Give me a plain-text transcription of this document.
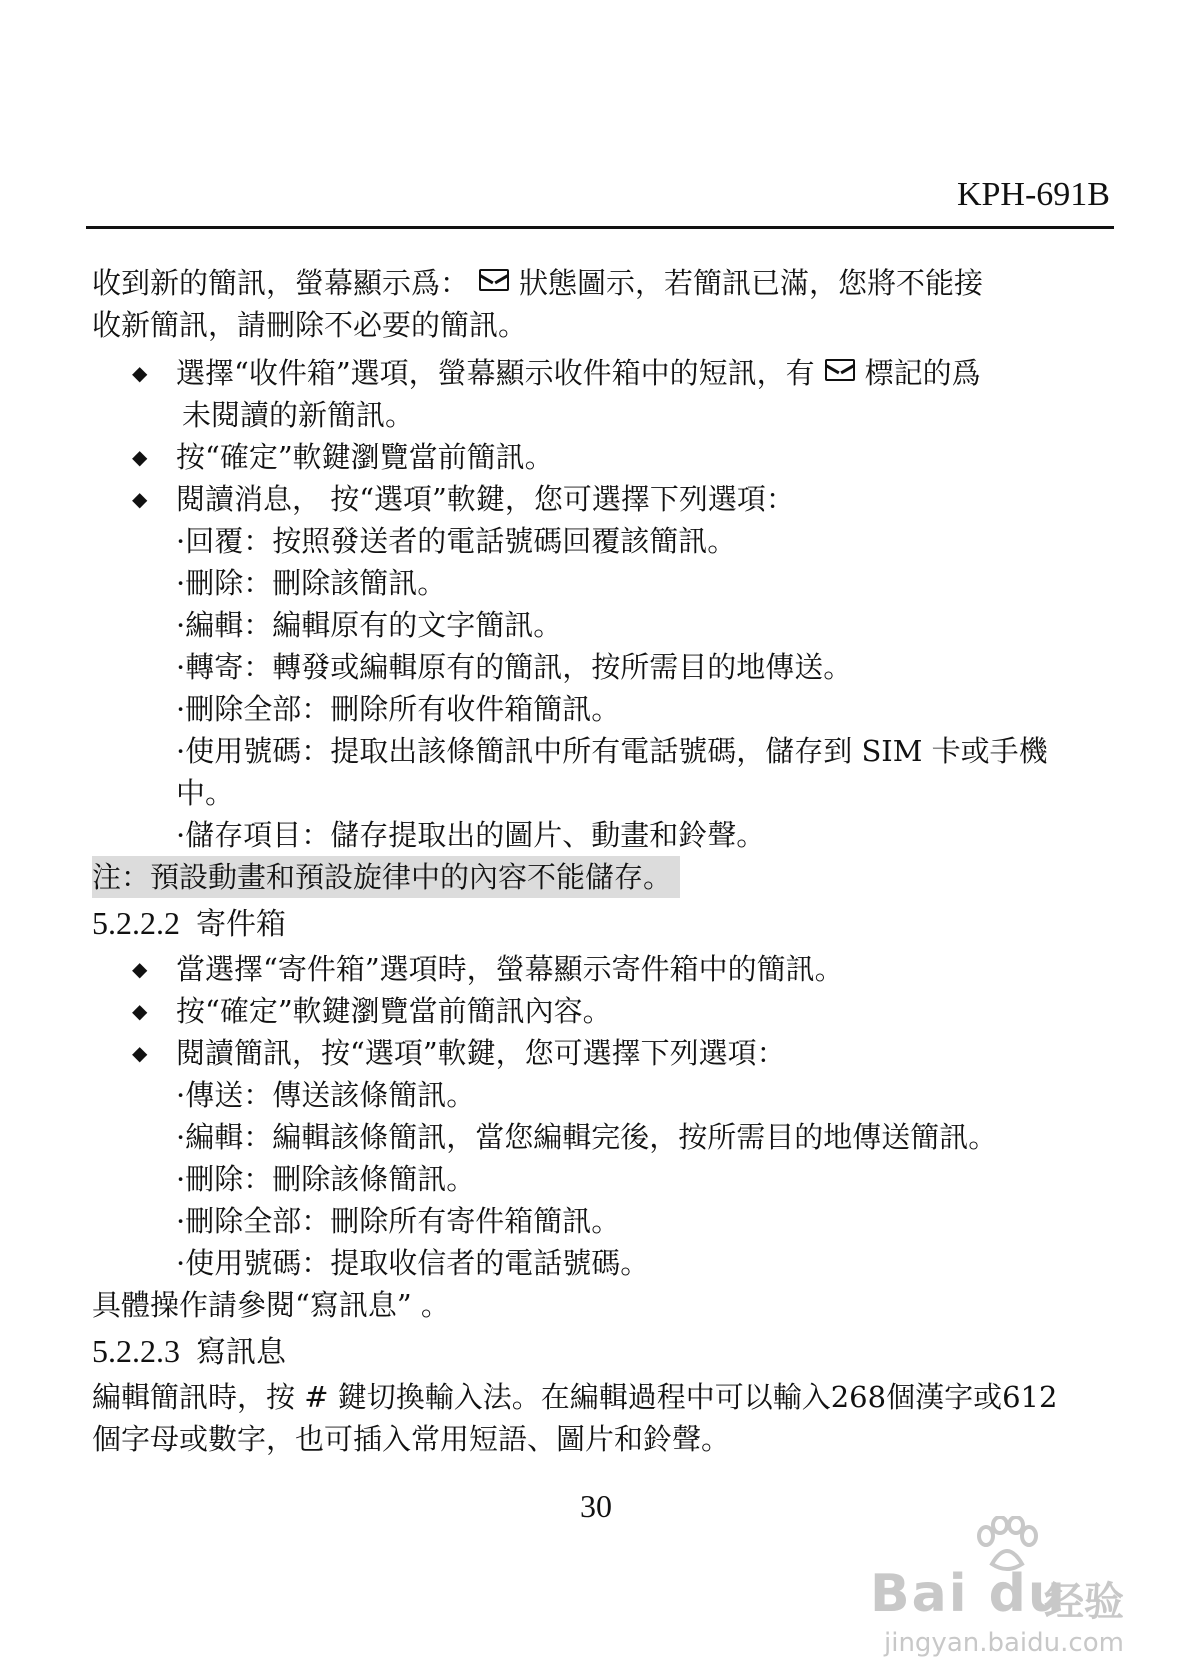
KPH-691B
收到新的簡訊，螢幕顯示爲： 狀態圖示，若簡訊已滿，您將不能接
收新簡訊，請刪除不必要的簡訊。
◆ 選擇“收件箱”選項，螢幕顯示收件箱中的短訊，有 標記的爲
未閱讀的新簡訊。
◆ 按“確定”軟鍵瀏覽當前簡訊。
◆ 閱讀消息， 按“選項”軟鍵，您可選擇下列選項：
·回覆：按照發送者的電話號碼回覆該簡訊。
·刪除：刪除該簡訊。
·編輯：編輯原有的文字簡訊。
·轉寄：轉發或編輯原有的簡訊，按所需目的地傳送。
·刪除全部：刪除所有收件箱簡訊。
·使用號碼：提取出該條簡訊中所有電話號碼，儲存到 SIM 卡或手機
中。
·儲存項目：儲存提取出的圖片、動畫和鈴聲。
注：預設動畫和預設旋律中的內容不能儲存。
5.2.2.2 寄件箱
◆ 當選擇“寄件箱”選項時，螢幕顯示寄件箱中的簡訊。
◆ 按“確定”軟鍵瀏覽當前簡訊內容。
◆ 閱讀簡訊，按“選項”軟鍵，您可選擇下列選項：
·傳送：傳送該條簡訊。
·編輯：編輯該條簡訊，當您編輯完後，按所需目的地傳送簡訊。
·刪除：刪除該條簡訊。
·刪除全部：刪除所有寄件箱簡訊。
·使用號碼：提取收信者的電話號碼。
具體操作請參閱“寫訊息” 。
5.2.2.3 寫訊息
編輯簡訊時，按 # 鍵切換輸入法。在編輯過程中可以輸入268個漢字或612
個字母或數字，也可插入常用短語、圖片和鈴聲。
30
Bai du
经验
jingyan.baidu.com
